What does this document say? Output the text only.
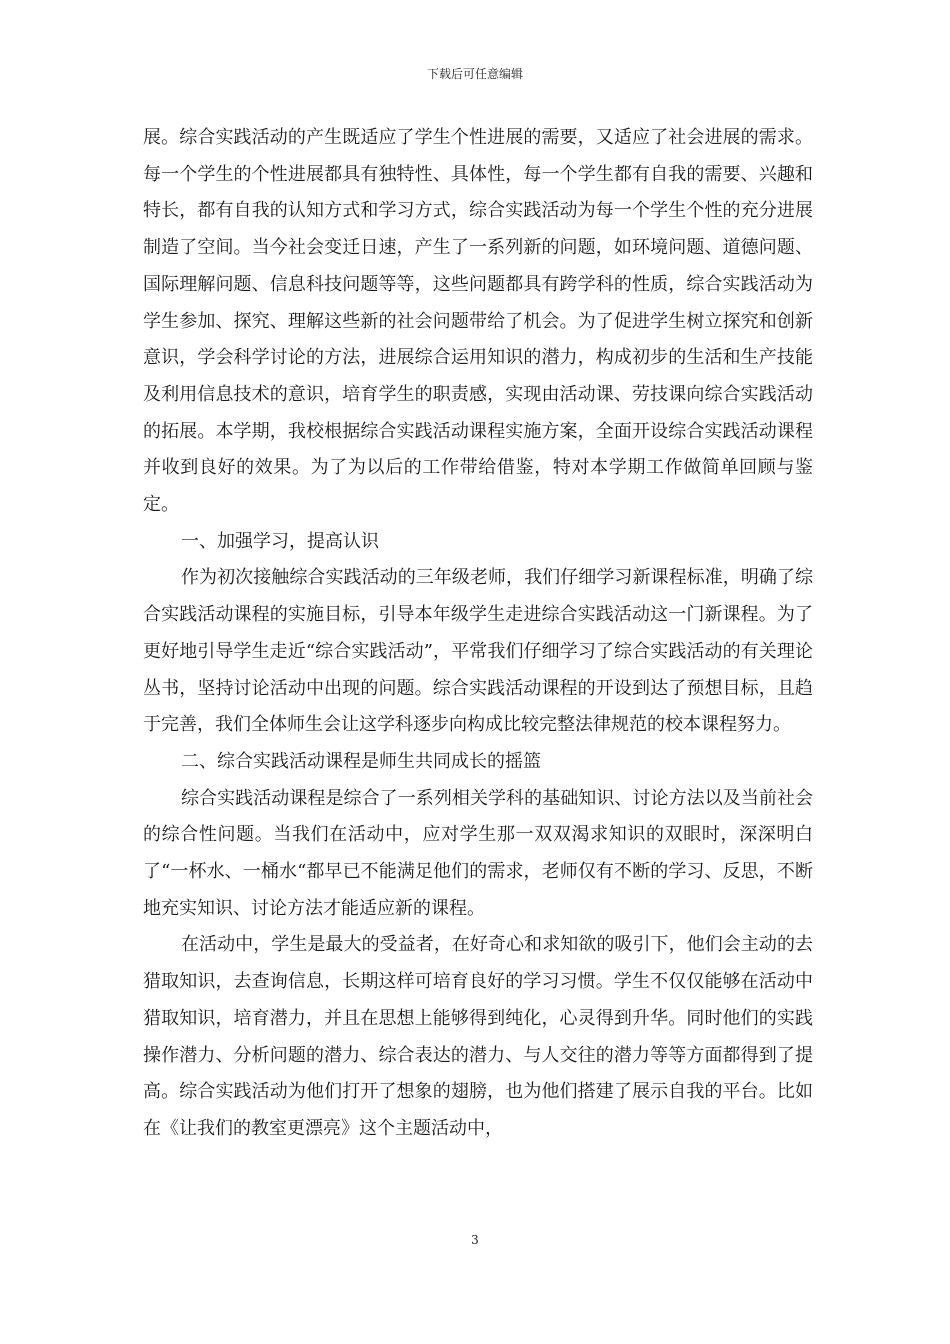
下载后可任意编辑

展。综合实践活动的产生既适应了学生个性进展的需要，又适应了社会进展的需求。每一个学生的个性进展都具有独特性、具体性，每一个学生都有自我的需要、兴趣和特长，都有自我的认知方式和学习方式，综合实践活动为每一个学生个性的充分进展制造了空间。当今社会变迁日速，产生了一系列新的问题，如环境问题、道德问题、国际理解问题、信息科技问题等等，这些问题都具有跨学科的性质，综合实践活动为学生参加、探究、理解这些新的社会问题带给了机会。为了促进学生树立探究和创新意识，学会科学讨论的方法，进展综合运用知识的潜力，构成初步的生活和生产技能及利用信息技术的意识，培育学生的职责感，实现由活动课、劳技课向综合实践活动的拓展。本学期，我校根据综合实践活动课程实施方案，全面开设综合实践活动课程并收到良好的效果。为了为以后的工作带给借鉴，特对本学期工作做简单回顾与鉴定。

一、加强学习，提高认识

作为初次接触综合实践活动的三年级老师，我们仔细学习新课程标准，明确了综合实践活动课程的实施目标，引导本年级学生走进综合实践活动这一门新课程。为了更好地引导学生走近“综合实践活动”，平常我们仔细学习了综合实践活动的有关理论丛书，坚持讨论活动中出现的问题。综合实践活动课程的开设到达了预想目标，且趋于完善，我们全体师生会让这学科逐步向构成比较完整法律规范的校本课程努力。

二、综合实践活动课程是师生共同成长的摇篮

综合实践活动课程是综合了一系列相关学科的基础知识、讨论方法以及当前社会的综合性问题。当我们在活动中，应对学生那一双双渴求知识的双眼时，深深明白了“一杯水、一桶水“都早已不能满足他们的需求，老师仅有不断的学习、反思，不断地充实知识、讨论方法才能适应新的课程。

在活动中，学生是最大的受益者，在好奇心和求知欲的吸引下，他们会主动的去猎取知识，去查询信息，长期这样可培育良好的学习习惯。学生不仅仅能够在活动中猎取知识，培育潜力，并且在思想上能够得到纯化，心灵得到升华。同时他们的实践操作潜力、分析问题的潜力、综合表达的潜力、与人交往的潜力等等方面都得到了提高。综合实践活动为他们打开了想象的翅膀，也为他们搭建了展示自我的平台。比如在《让我们的教室更漂亮》这个主题活动中，

3
